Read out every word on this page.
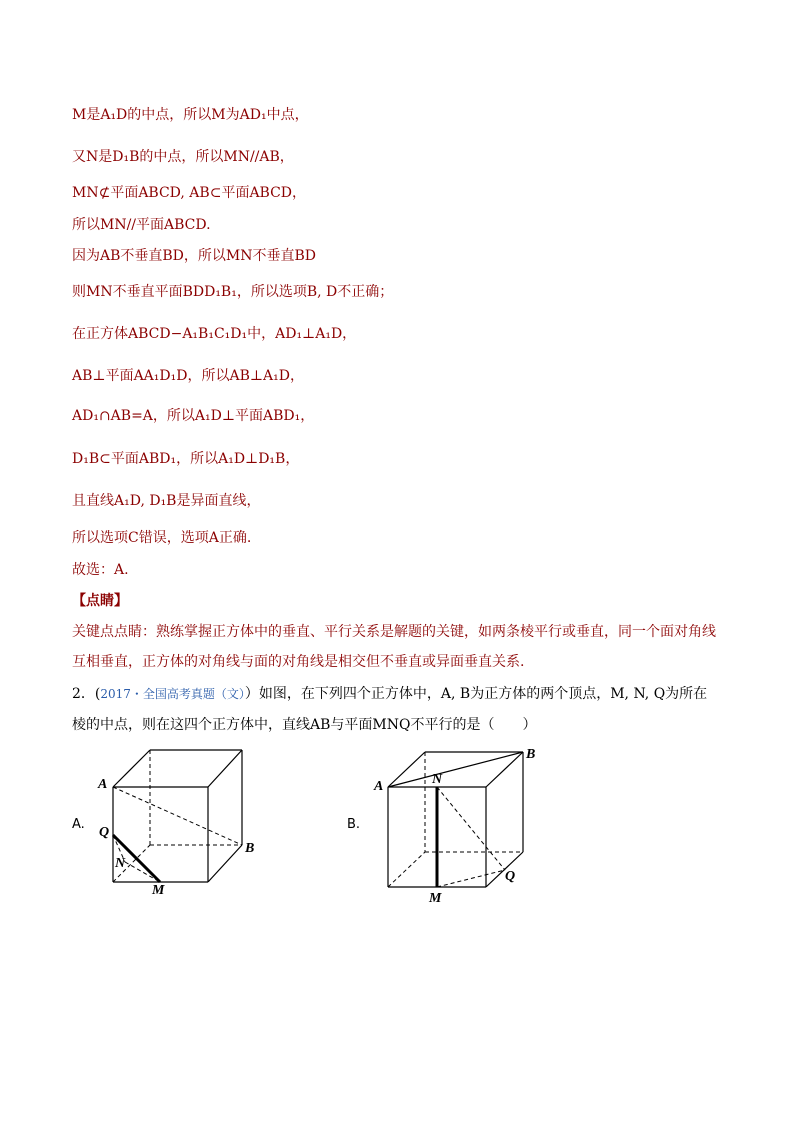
M是A₁D的中点，所以M为AD₁中点，
又N是D₁B的中点，所以MN//AB，
MN⊄平面ABCD, AB⊂平面ABCD，
所以MN//平面ABCD.
因为AB不垂直BD，所以MN不垂直BD
则MN不垂直平面BDD₁B₁，所以选项B, D不正确；
在正方体ABCD−A₁B₁C₁D₁中，AD₁⊥A₁D，
AB⊥平面AA₁D₁D，所以AB⊥A₁D，
AD₁∩AB=A，所以A₁D⊥平面ABD₁，
D₁B⊂平面ABD₁，所以A₁D⊥D₁B，
且直线A₁D, D₁B是异面直线，
所以选项C错误，选项A正确.
故选：A.
【点睛】
关键点点睛：熟练掌握正方体中的垂直、平行关系是解题的关键，如两条棱平行或垂直，同一个面对角线
互相垂直，正方体的对角线与面的对角线是相交但不垂直或异面垂直关系.
2．(2017・全国高考真题（文））如图，在下列四个正方体中，A, B为正方体的两个顶点，M, N, Q为所在
棱的中点，则在这四个正方体中，直线AB与平面MNQ不平行的是（　　）
A.	B.
A
B
Q
N
M
A
B
N
Q
M
